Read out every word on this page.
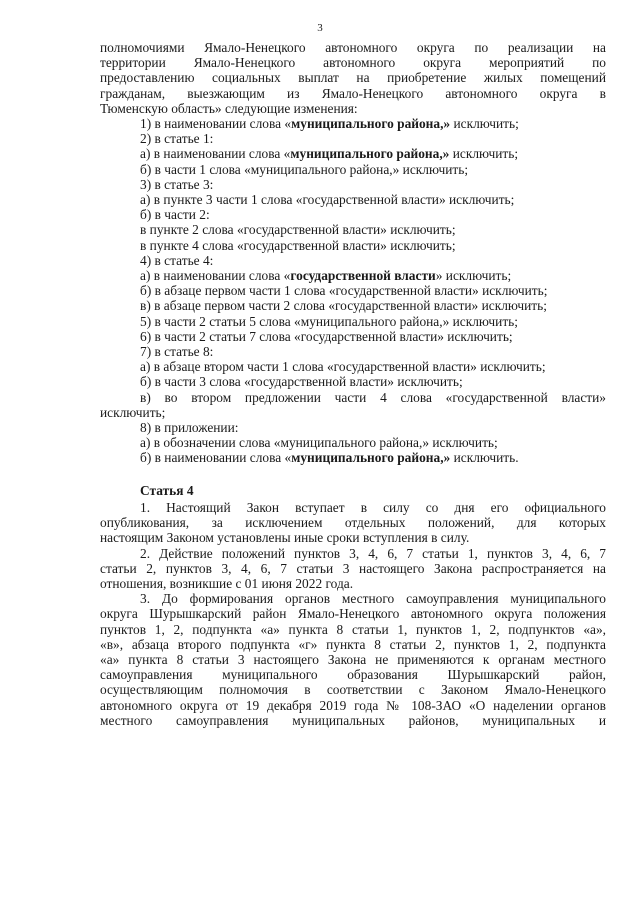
3

полномочиями Ямало-Ненецкого автономного округа по реализации на

территории Ямало-Ненецкого автономного округа мероприятий по

предоставлению социальных выплат на приобретение жилых помещений

гражданам, выезжающим из Ямало-Ненецкого автономного округа в

Тюменскую область» следующие изменения:

1) в наименовании слова «муниципального района,» исключить;

2) в статье 1:

а) в наименовании слова «муниципального района,» исключить;

б) в части 1 слова «муниципального района,» исключить;

3) в статье 3:

а) в пункте 3 части 1 слова «государственной власти» исключить;

б) в части 2:

в пункте 2 слова «государственной власти» исключить;

в пункте 4 слова «государственной власти» исключить;

4) в статье 4:

а) в наименовании слова «государственной власти» исключить;

б) в абзаце первом части 1 слова «государственной власти» исключить;

в) в абзаце первом части 2 слова «государственной власти» исключить;

5) в части 2 статьи 5 слова «муниципального района,» исключить;

6) в части 2 статьи 7 слова «государственной власти» исключить;

7) в статье 8:

а) в абзаце втором части 1 слова «государственной власти» исключить;

б) в части 3 слова «государственной власти» исключить;

в) во втором предложении части 4 слова «государственной власти»

исключить;

8) в приложении:

а) в обозначении слова «муниципального района,» исключить;

б) в наименовании слова «муниципального района,» исключить.

Статья 4

1. Настоящий Закон вступает в силу со дня его официального

опубликования, за исключением отдельных положений, для которых

настоящим Законом установлены иные сроки вступления в силу.

2. Действие положений пунктов 3, 4, 6, 7 статьи 1, пунктов 3, 4, 6, 7

статьи 2, пунктов 3, 4, 6, 7 статьи 3 настоящего Закона распространяется на

отношения, возникшие с 01 июня 2022 года.

3. До формирования органов местного самоуправления муниципального

округа Шурышкарский район Ямало-Ненецкого автономного округа положения

пунктов 1, 2, подпункта «а» пункта 8 статьи 1, пунктов 1, 2, подпунктов «а»,

«в», абзаца второго подпункта «г» пункта 8 статьи 2, пунктов 1, 2, подпункта

«а» пункта 8 статьи 3 настоящего Закона не применяются к органам местного

самоуправления муниципального образования Шурышкарский район,

осуществляющим полномочия в соответствии с Законом Ямало-Ненецкого

автономного округа от 19 декабря 2019 года № 108-ЗАО «О наделении органов

местного самоуправления муниципальных районов, муниципальных и
